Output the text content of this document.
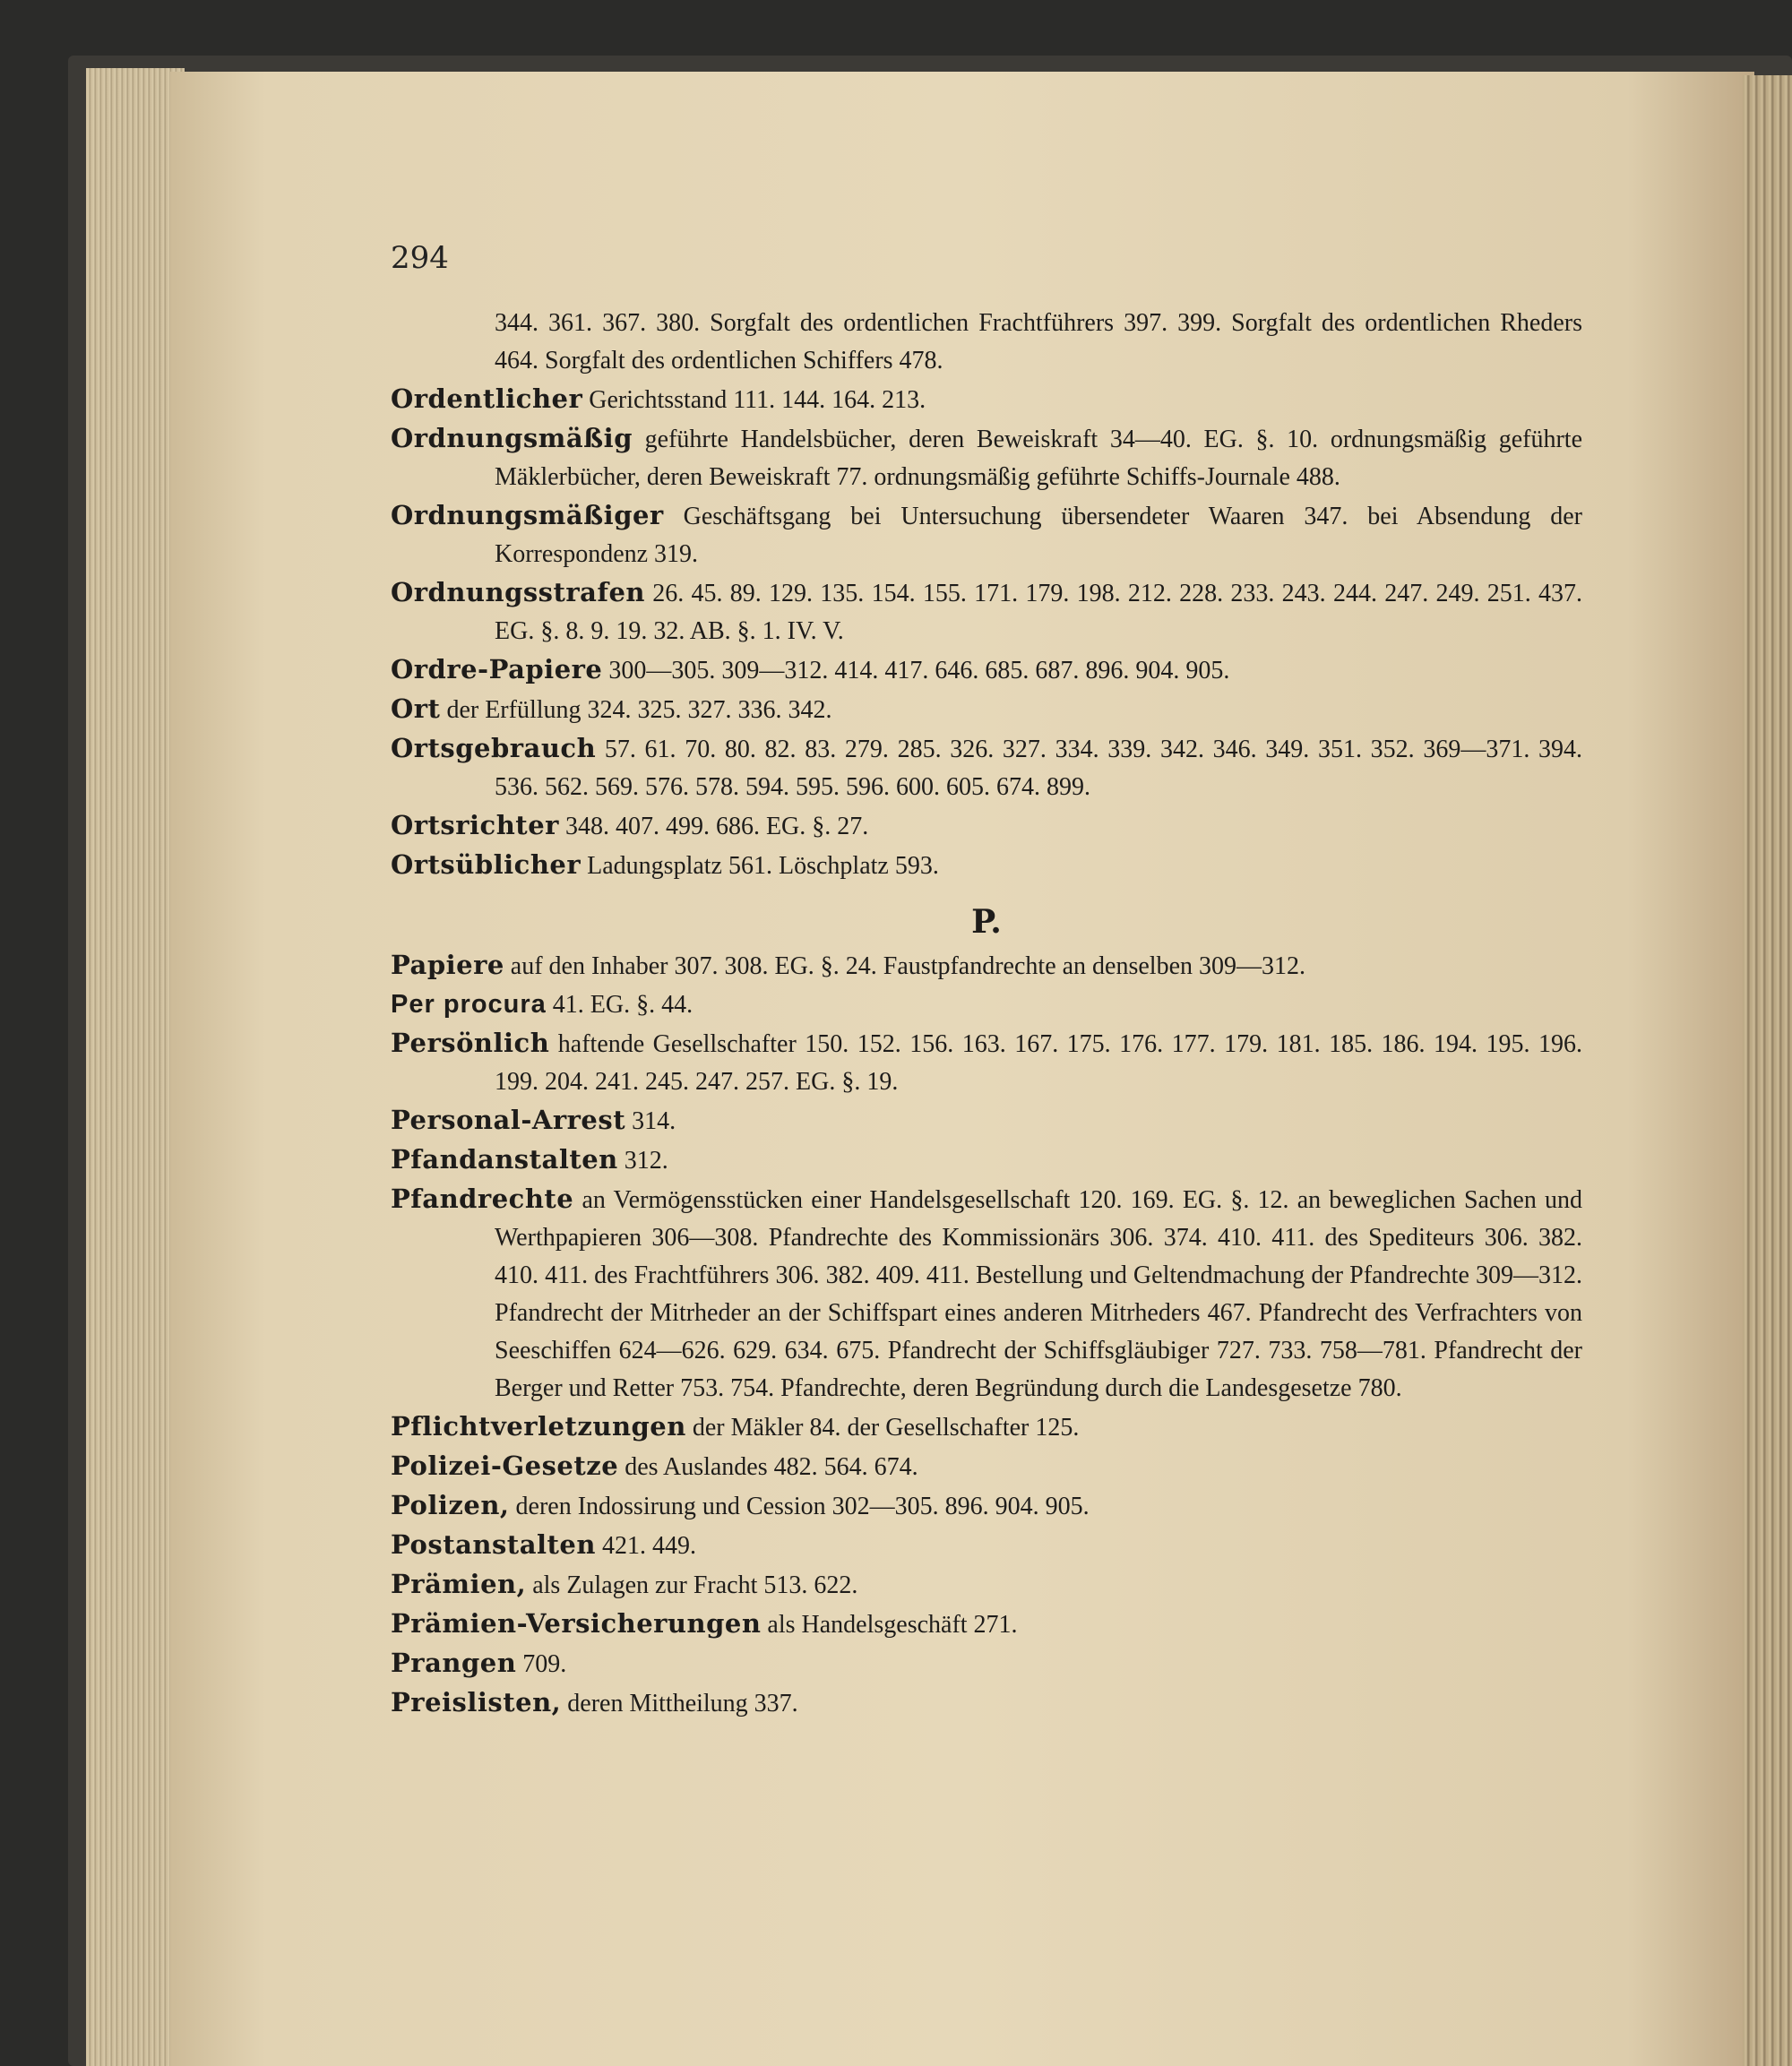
294

344. 361. 367. 380. Sorgfalt des ordentlichen Frachtführers 397. 399. Sorgfalt des ordentlichen Rheders 464. Sorgfalt des ordentlichen Schiffers 478.
Ordentlicher Gerichtsstand 111. 144. 164. 213.
Ordnungsmäßig geführte Handelsbücher, deren Beweiskraft 34—40. EG. §. 10. ordnungsmäßig geführte Mäklerbücher, deren Beweiskraft 77. ordnungsmäßig geführte Schiffs-Journale 488.
Ordnungsmäßiger Geschäftsgang bei Untersuchung übersendeter Waaren 347. bei Absendung der Korrespondenz 319.
Ordnungsstrafen 26. 45. 89. 129. 135. 154. 155. 171. 179. 198. 212. 228. 233. 243. 244. 247. 249. 251. 437. EG. §. 8. 9. 19. 32. AB. §. 1. IV. V.
Ordre-Papiere 300—305. 309—312. 414. 417. 646. 685. 687. 896. 904. 905.
Ort der Erfüllung 324. 325. 327. 336. 342.
Ortsgebrauch 57. 61. 70. 80. 82. 83. 279. 285. 326. 327. 334. 339. 342. 346. 349. 351. 352. 369—371. 394. 536. 562. 569. 576. 578. 594. 595. 596. 600. 605. 674. 899.
Ortsrichter 348. 407. 499. 686. EG. §. 27.
Ortsüblicher Ladungsplatz 561. Löschplatz 593.
P.
Papiere auf den Inhaber 307. 308. EG. §. 24. Faustpfandrechte an denselben 309—312.
Per procura 41. EG. §. 44.
Persönlich haftende Gesellschafter 150. 152. 156. 163. 167. 175. 176. 177. 179. 181. 185. 186. 194. 195. 196. 199. 204. 241. 245. 247. 257. EG. §. 19.
Personal-Arrest 314.
Pfandanstalten 312.
Pfandrechte an Vermögensstücken einer Handelsgesellschaft 120. 169. EG. §. 12. an beweglichen Sachen und Werthpapieren 306—308. Pfandrechte des Kommissionärs 306. 374. 410. 411. des Spediteurs 306. 382. 410. 411. des Frachtführers 306. 382. 409. 411. Bestellung und Geltendmachung der Pfandrechte 309—312. Pfandrecht der Mitrheder an der Schiffspart eines anderen Mitrheders 467. Pfandrecht des Verfrachters von Seeschiffen 624—626. 629. 634. 675. Pfandrecht der Schiffsgläubiger 727. 733. 758—781. Pfandrecht der Berger und Retter 753. 754. Pfandrechte, deren Begründung durch die Landesgesetze 780.
Pflichtverletzungen der Mäkler 84. der Gesellschafter 125.
Polizei-Gesetze des Auslandes 482. 564. 674.
Polizen, deren Indossirung und Cession 302—305. 896. 904. 905.
Postanstalten 421. 449.
Prämien, als Zulagen zur Fracht 513. 622.
Prämien-Versicherungen als Handelsgeschäft 271.
Prangen 709.
Preislisten, deren Mittheilung 337.
